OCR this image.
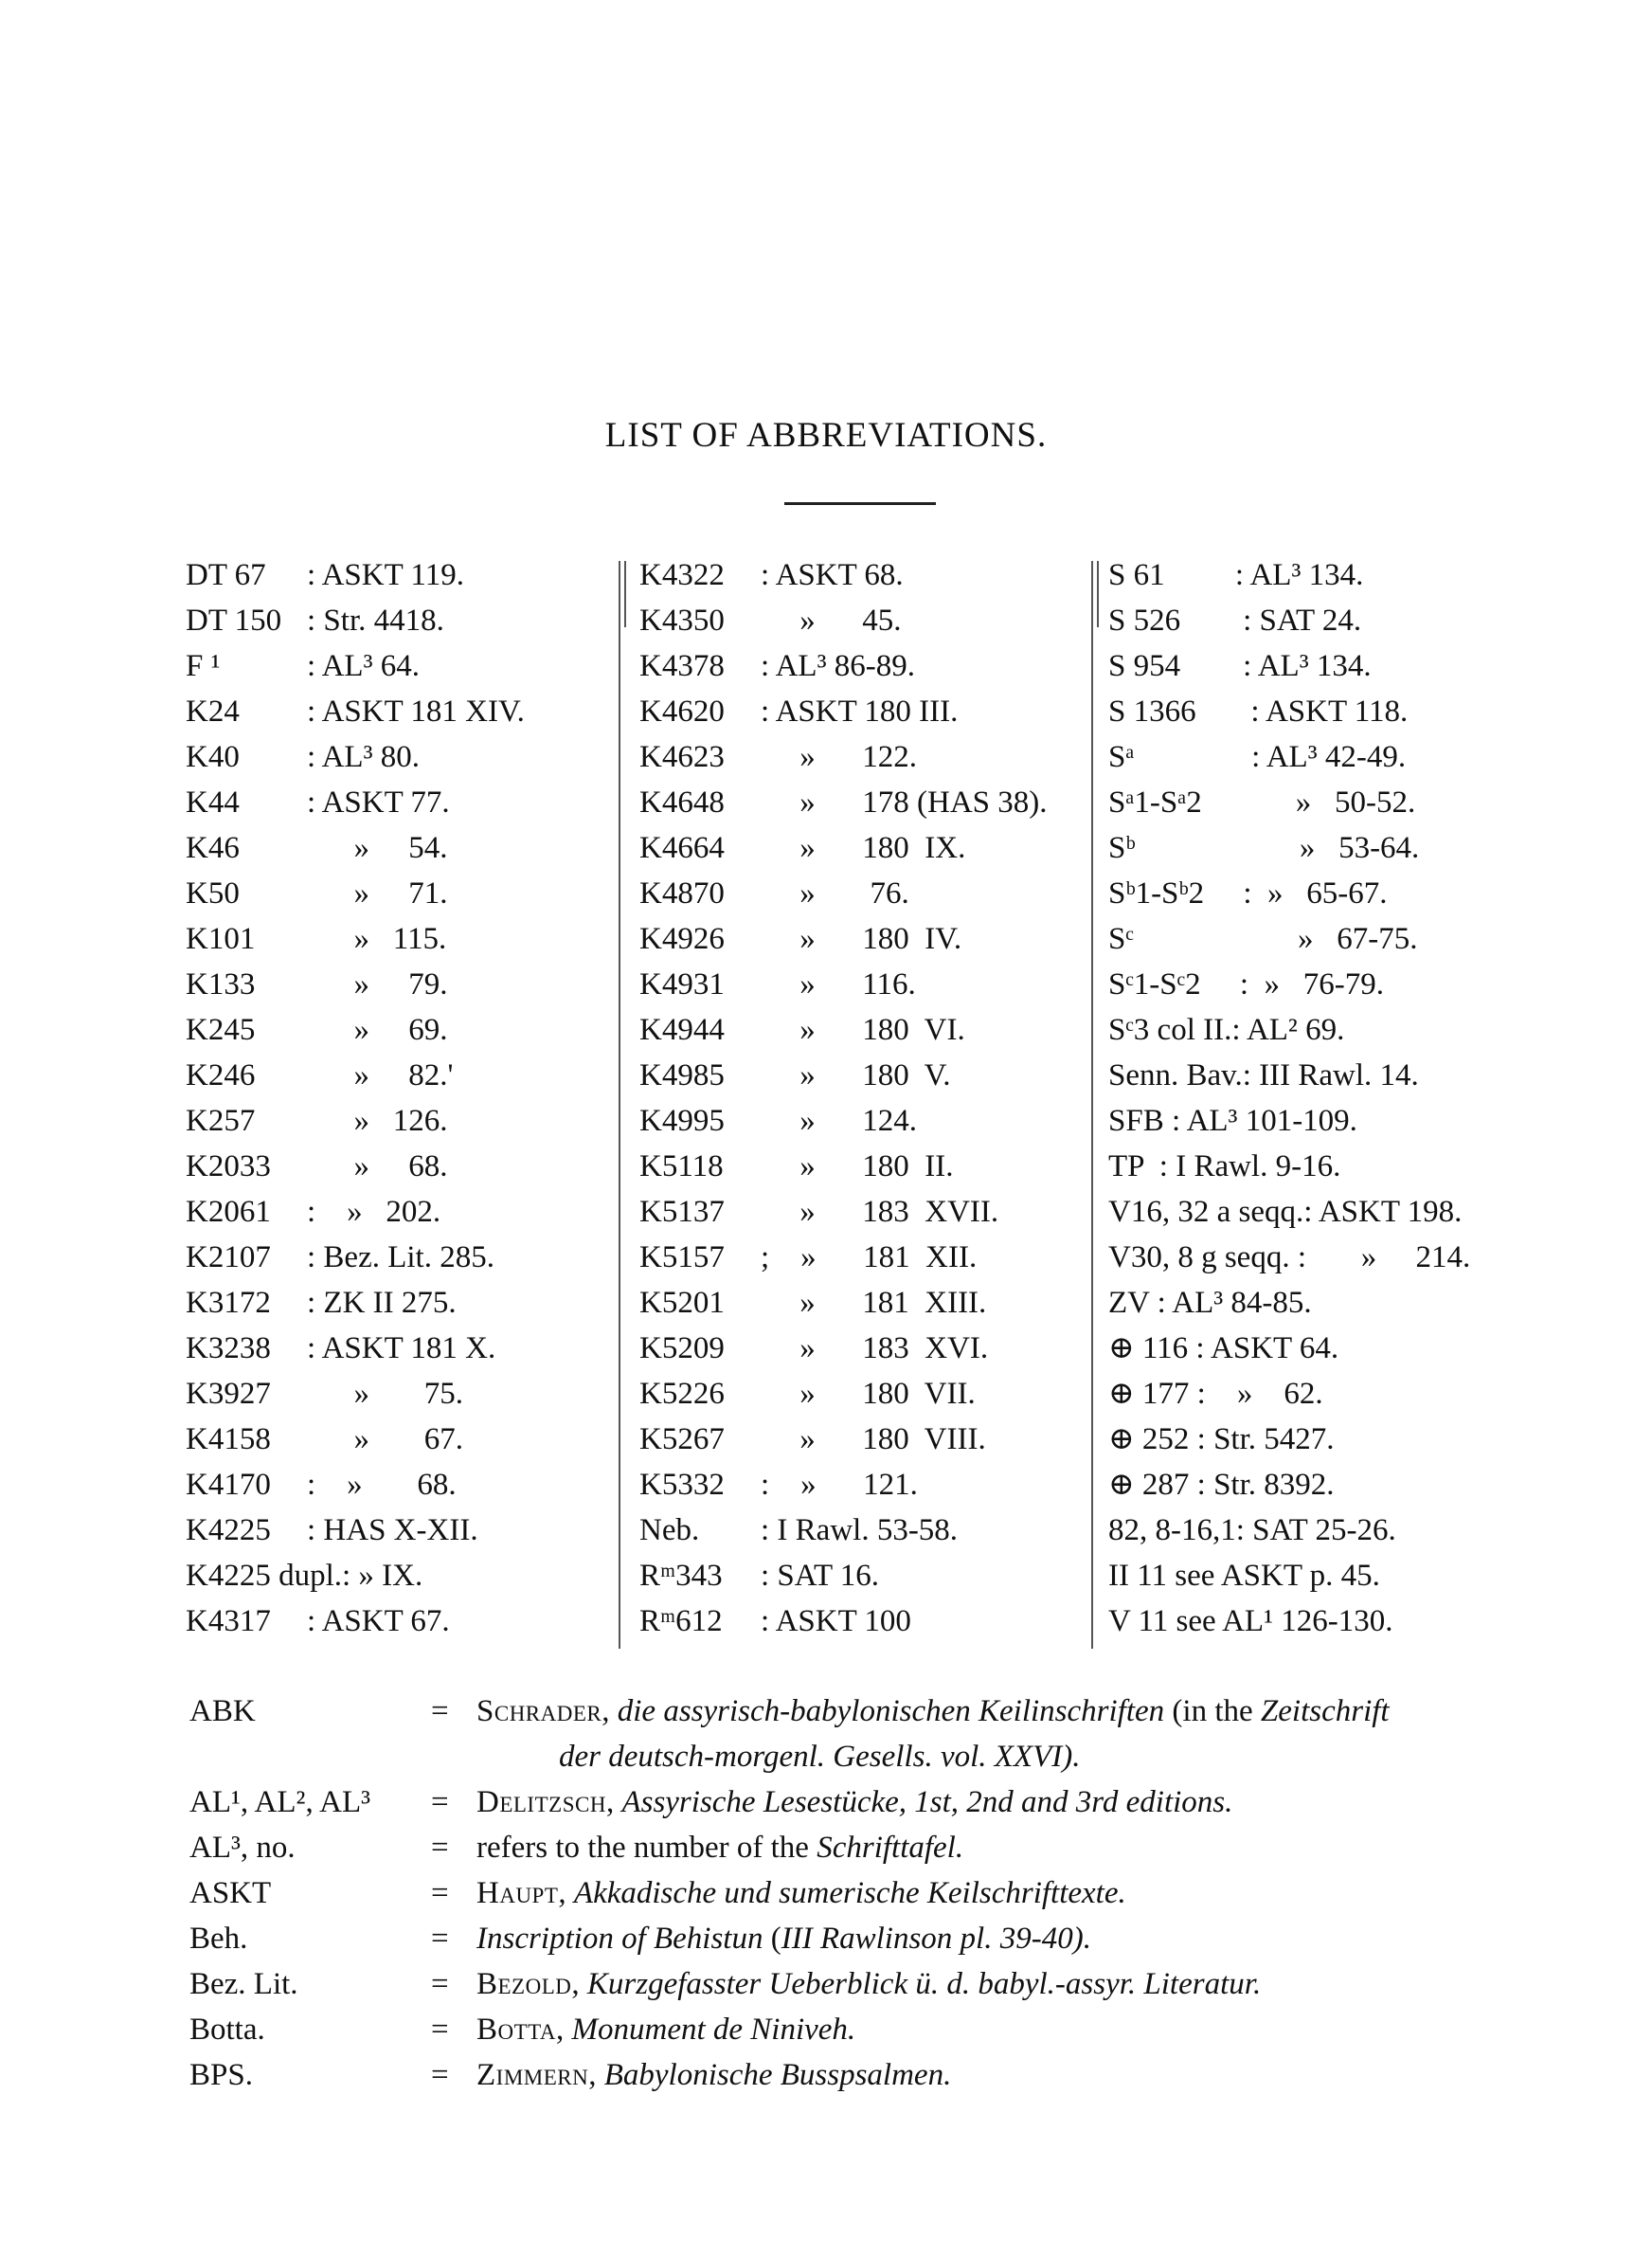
LIST OF ABBREVIATIONS.
DT 67 : ASKT 119.
DT 150 : Str. 4418.
F ¹	: AL³ 64.
K24 : ASKT 181 XIV.
K40 : AL³ 80.
K44 : ASKT 77.
K46 »     54.
K50 »     71.
K101 »   115.
K133 »     79.
K245 »     69.
K246 »     82.'
K257 »   126.
K2033 »     68.
K2061 :    »   202.
K2107 : Bez. Lit. 285.
K3172 : ZK II 275.
K3238 : ASKT 181 X.
K3927 »       75.
K4158 »       67.
K4170 :    »       68.
K4225 : HAS X-XII.
K4225 dupl.: » IX.
K4317 : ASKT 67.
K4322 : ASKT 68.
K4350 »      45.
K4378 : AL³ 86-89.
K4620 : ASKT 180 III.
K4623 »      122.
K4648 »      178 (HAS 38).
K4664 »      180  IX.
K4870 »       76.
K4926 »      180  IV.
K4931 »      116.
K4944 »      180  VI.
K4985 »      180  V.
K4995 »      124.
K5118 »      180  II.
K5137 »      183  XVII.
K5157 ;    »      181  XII.
K5201 »      181  XIII.
K5209 »      183  XVI.
K5226 »      180  VII.
K5267 »      180  VIII.
K5332 :    »      121.
Neb. : I Rawl. 53-58.
Rᵐ343 : SAT 16.
Rᵐ612 : ASKT 100
S 61         : AL³ 134.
S 526        : SAT 24.
S 954        : AL³ 134.
S 1366       : ASKT 118.
Sᵃ               : AL³ 42-49.
Sᵃ1-Sᵃ2            »   50-52.
Sᵇ                     »   53-64.
Sᵇ1-Sᵇ2     :  »   65-67.
Sᶜ                     »   67-75.
Sᶜ1-Sᶜ2     :  »   76-79.
Sᶜ3 col II.: AL² 69.
Senn. Bav.: III Rawl. 14.
SFB : AL³ 101-109.
TP  : I Rawl. 9-16.
V16, 32 a seqq.: ASKT 198.
V30, 8 g seqq. :       »     214.
ZV : AL³ 84-85.
⊕ 116 : ASKT 64.
⊕ 177 :    »    62.
⊕ 252 : Str. 5427.
⊕ 287 : Str. 8392.
82, 8-16,1: SAT 25-26.
II 11 see ASKT p. 45.
V 11 see AL¹ 126-130.
ABK	= Schrader, die assyrisch-babylonischen Keilinschriften (in the Zeitschrift
der deutsch-morgenl. Gesells. vol. XXVI).
AL¹, AL², AL³ = Delitzsch, Assyrische Lesestücke, 1st, 2nd and 3rd editions.
AL³, no.	= refers to the number of the Schrifttafel.
ASKT	= Haupt, Akkadische und sumerische Keilschrifttexte.
Beh.	= Inscription of Behistun (III Rawlinson pl. 39-40).
Bez. Lit.	= Bezold, Kurzgefasster Ueberblick ü. d. babyl.-assyr. Literatur.
Botta.	= Botta, Monument de Niniveh.
BPS.	= Zimmern, Babylonische Busspsalmen.
